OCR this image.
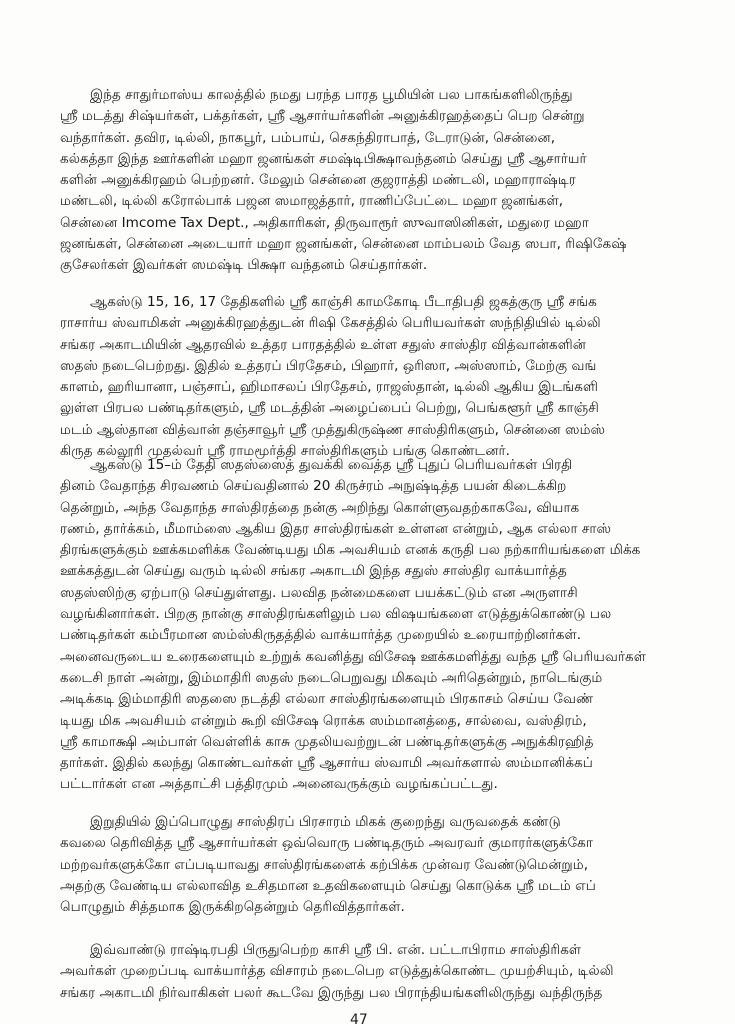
இந்த சாதுர்மாஸ்ய காலத்தில் நமது பரந்த பாரத பூமியின் பல பாகங்களிலிருந்து
ஸ்ரீ மடத்து சிஷ்யர்கள், பக்தர்கள், ஸ்ரீ ஆசார்யர்களின் அனுக்கிரஹத்தைப் பெற சென்று
வந்தார்கள். தவிர, டில்லி, நாகபூர், பம்பாய், செகந்திராபாத், டேராடுன், சென்னை,
கல்கத்தா இந்த ஊர்களின் மஹா ஜனங்கள் சமஷ்டிபிக்ஷாவந்தனம் செய்து ஸ்ரீ ஆசார்யர்
களின் அனுக்கிரஹம் பெற்றனர். மேலும் சென்னை குஜராத்தி மண்டலி, மஹாராஷ்டிர
மண்டலி, டில்லி கரோல்பாக் பஜன ஸமாஜத்தார், ராணிப்பேட்டை மஹா ஜனங்கள்,
சென்னை Imcome Tax Dept., அதிகாரிகள், திருவாரூர் ஸுவாஸினிகள், மதுரை மஹா
ஜனங்கள், சென்னை அடையார் மஹா ஜனங்கள், சென்னை மாம்பலம் வேத ஸபா, ரிஷிகேஷ்
குசேலர்கள் இவர்கள் ஸமஷ்டி பிக்ஷா வந்தனம் செய்தார்கள்.
ஆகஸ்டு 15, 16, 17 தேதிகளில் ஸ்ரீ காஞ்சி காமகோடி பீடாதிபதி ஜகத்குரு ஸ்ரீ சங்க
ராசார்ய ஸ்வாமிகள் அனுக்கிரஹத்துடன் ரிஷி கேசத்தில் பெரியவர்கள் ஸந்நிதியில் டில்லி
சங்கர அகாடமியின் ஆதரவில் உத்தர பாரதத்தில் உள்ள சதுஸ் சாஸ்திர வித்வான்களின்
ஸதஸ் நடைபெற்றது. இதில் உத்தரப் பிரதேசம், பிஹார், ஒரிஸா, அஸ்ஸாம், மேற்கு வங்
காளம், ஹரியானா, பஞ்சாப், ஹிமாசலப் பிரதேசம், ராஜஸ்தான், டில்லி ஆகிய இடங்களி
லுள்ள பிரபல பண்டிதர்களும், ஸ்ரீ மடத்தின் அழைப்பைப் பெற்று, பெங்களூர் ஸ்ரீ காஞ்சி
மடம் ஆஸ்தான வித்வான் தஞ்சாவூர் ஸ்ரீ முத்துகிருஷ்ண சாஸ்திரிகளும், சென்னை ஸம்ஸ்
கிருத கல்லூரி முதல்வர் ஸ்ரீ ராமமூர்த்தி சாஸ்திரிகளும் பங்கு கொண்டனர்.
ஆகஸ்டு 15–ம் தேதி ஸதஸ்ஸைத் துவக்கி வைத்த ஸ்ரீ புதுப் பெரியவர்கள் பிரதி
தினம் வேதாந்த சிரவணம் செய்வதினால் 20 கிருச்ரம் அநுஷ்டித்த பயன் கிடைக்கிற
தென்றும், அந்த வேதாந்த சாஸ்திரத்தை நன்கு அறிந்து கொள்ளுவதற்காகவே, வியாக
ரணம், தார்க்கம், மீமாம்ஸை ஆகிய இதர சாஸ்திரங்கள் உள்ளன என்றும், ஆக எல்லா சாஸ்
திரங்களுக்கும் ஊக்கமளிக்க வேண்டியது மிக அவசியம் எனக் கருதி பல நற்காரியங்களை மிக்க
ஊக்கத்துடன் செய்து வரும் டில்லி சங்கர அகாடமி இந்த சதுஸ் சாஸ்திர வாக்யார்த்த
ஸதஸ்ஸிற்கு ஏற்பாடு செய்துள்ளது. பலவித நன்மைகளை பயக்கட்டும் என அருளாசி
வழங்கினார்கள். பிறகு நான்கு சாஸ்திரங்களிலும் பல விஷயங்களை எடுத்துக்கொண்டு பல
பண்டிதர்கள் கம்பீரமான ஸம்ஸ்கிருதத்தில் வாக்யார்த்த முறையில் உரையாற்றினர்கள்.
அனைவருடைய உரைகளையும் உற்றுக் கவனித்து விசேஷ ஊக்கமளித்து வந்த ஸ்ரீ பெரியவர்கள்
கடைசி நாள் அன்று, இம்மாதிரி ஸதஸ் நடைபெறுவது மிகவும் அரிதென்றும், நாடெங்கும்
அடிக்கடி இம்மாதிரி ஸதஸை நடத்தி எல்லா சாஸ்திரங்களையும் பிரகாசம் செய்ய வேண்
டியது மிக அவசியம் என்றும் கூறி விசேஷ ரொக்க ஸம்மானத்தை, சால்வை, வஸ்திரம்,
ஸ்ரீ காமாக்ஷி அம்பாள் வெள்ளிக் காசு முதலியவற்றுடன் பண்டிதர்களுக்கு அநுக்கிரஹித்
தார்கள். இதில் கலந்து கொண்டவர்கள் ஸ்ரீ ஆசார்ய ஸ்வாமி அவர்களால் ஸம்மானிக்கப்
பட்டார்கள் என அத்தாட்சி பத்திரமும் அனைவருக்கும் வழங்கப்பட்டது.
இறுதியில் இப்பொழுது சாஸ்திரப் பிரசாரம் மிகக் குறைந்து வருவதைக் கண்டு
கவலை தெரிவித்த ஸ்ரீ ஆசார்யர்கள் ஒவ்வொரு பண்டிதரும் அவரவர் குமாரர்களுக்கோ
மற்றவர்களுக்கோ எப்படியாவது சாஸ்திரங்களைக் கற்பிக்க முன்வர வேண்டுமென்றும்,
அதற்கு வேண்டிய எல்லாவித உசிதமான உதவிகளையும் செய்து கொடுக்க ஸ்ரீ மடம் எப்
பொழுதும் சித்தமாக இருக்கிறதென்றும் தெரிவித்தார்கள்.
இவ்வாண்டு ராஷ்டிரபதி பிருதுபெற்ற காசி ஸ்ரீ பி. என். பட்டாபிராம சாஸ்திரிகள்
அவர்கள் முறைப்படி வாக்யார்த்த விசாரம் நடைபெற எடுத்துக்கொண்ட முயற்சியும், டில்லி
சங்கர அகாடமி நிர்வாகிகள் பலர் கூடவே இருந்து பல பிராந்தியங்களிலிருந்து வந்திருந்த
47
